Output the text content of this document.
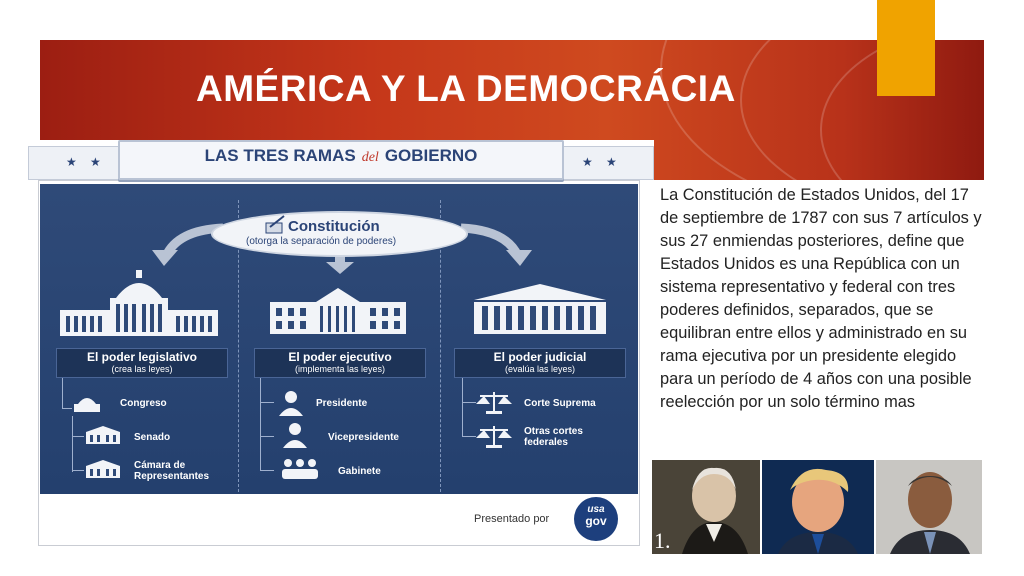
AMÉRICA Y LA DEMOCRÁCIA
★ ★	★ ★
LAS TRES RAMAS del GOBIERNO
Constitución
(otorga la separación de poderes)
El poder legislativo
(crea las leyes)
El poder ejecutivo
(implementa las leyes)
El poder judicial
(evalúa las leyes)
Congreso
Senado
Cámara de
Representantes
Presidente
Vicepresidente
Gabinete
Corte Suprema
Otras cortes
federales
Presentado por
usa
gov
La Constitución de Estados Unidos, del 17 de septiembre de 1787 con sus 7 artículos y sus 27 enmiendas posteriores, define que Estados Unidos es una República con un sistema representativo y federal con tres poderes definidos, separados, que se equilibran entre ellos y administrado en su rama ejecutiva por un presidente elegido para un período de 4 años con una posible reelección por un solo término mas
1.
